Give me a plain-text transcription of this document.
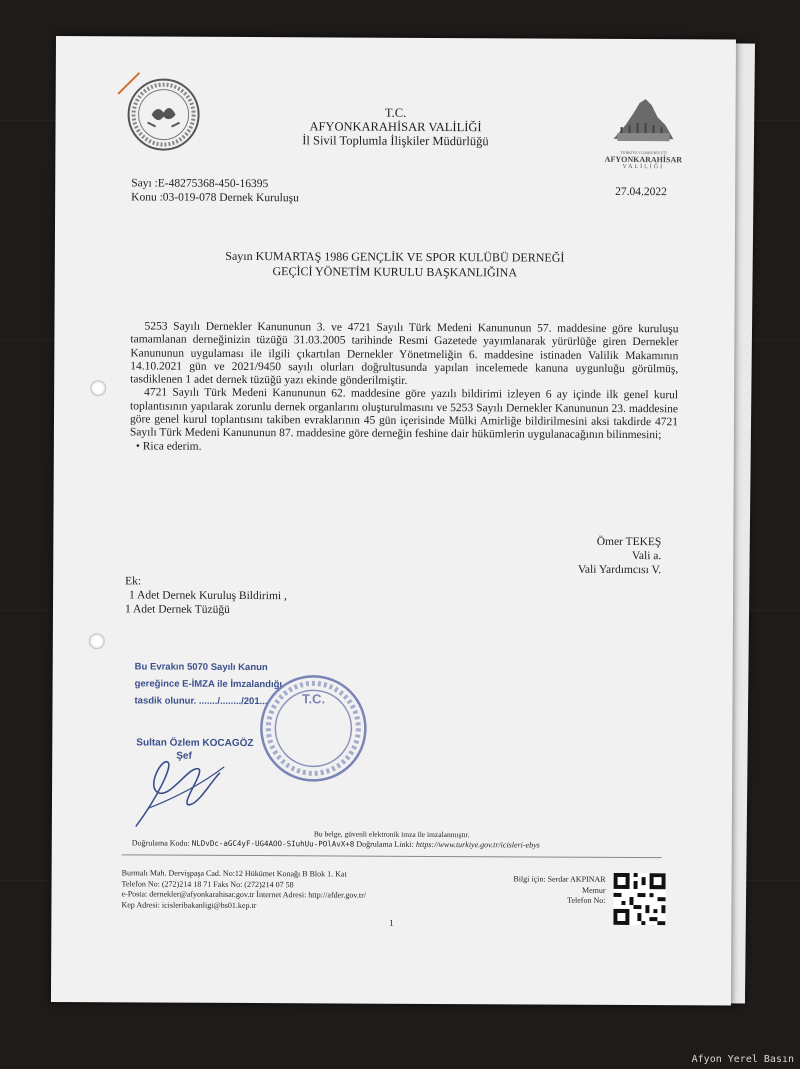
T.C.
AFYONKARAHİSAR VALİLİĞİ
İl Sivil Toplumla İlişkiler Müdürlüğü
TÜRKİYE CUMHURİYETİ
AFYONKARAHİSAR
VALİLİĞİ
Sayı :E-48275368-450-16395
Konu :03-019-078 Dernek Kuruluşu	27.04.2022
Sayın KUMARTAŞ 1986 GENÇLİK VE SPOR KULÜBÜ DERNEĞİ
GEÇİCİ YÖNETİM KURULU BAŞKANLIĞINA

5253 Sayılı Dernekler Kanununun 3. ve 4721 Sayılı Türk Medeni Kanununun 57. maddesine göre kuruluşu tamamlanan derneğinizin tüzüğü 31.03.2005 tarihinde Resmi Gazetede yayımlanarak yürürlüğe giren Dernekler Kanununun uygulaması ile ilgili çıkartılan Dernekler Yönetmeliğin 6. maddesine istinaden Valilik Makamının 14.10.2021 gün ve 2021/9450 sayılı olurları doğrultusunda yapılan incelemede kanuna uygunluğu görülmüş, tasdiklenen 1 adet dernek tüzüğü yazı ekinde gönderilmiştir.

4721 Sayılı Türk Medeni Kanununun 62. maddesine göre yazılı bildirimi izleyen 6 ay içinde ilk genel kurul toplantısının yapılarak zorunlu dernek organlarını oluşturulmasını ve 5253 Sayılı Dernekler Kanununun 23. maddesine göre genel kurul toplantısını takiben evraklarının 45 gün içerisinde Mülki Amirliğe bildirilmesini aksi takdirde 4721 Sayılı Türk Medeni Kanununun 87. maddesine göre derneğin feshine dair hükümlerin uygulanacağının bilinmesini;

• Rica ederim.

Ömer TEKEŞ
Vali a.
Vali Yardımcısı V.
Ek:
1 Adet Dernek Kuruluş Bildirimi ,
1 Adet Dernek Tüzüğü
Bu Evrakın 5070 Sayılı Kanun
gereğince E-İMZA ile İmzalandığı
tasdik olunur. ......./......../201...
Sultan Özlem KOCAGÖZ
Şef
T.C.
Bu belge, güvenli elektronik imza ile imzalanmıştır.
Doğrulama Kodu: NLDvDc-aGC4yF-UG4AOO-SIuhUu-POlAvX+8 Doğrulama Linki: https://www.turkiye.gov.tr/icisleri-ebys
Burmalı Mah. Dervişpaşa Cad. No:12 Hükümet Konağı B Blok 1. Kat
Telefon No: (272)214 18 71 Faks No: (272)214 07 58
e-Posta: dernekler@afyonkarahisar.gov.tr İnternet Adresi: http://afder.gov.tr/
Kep Adresi: icisleribakanligi@hs01.kep.tr
Bilgi için: Serdar AKPINAR
Memur
Telefon No:
1
Afyon Yerel Basın
